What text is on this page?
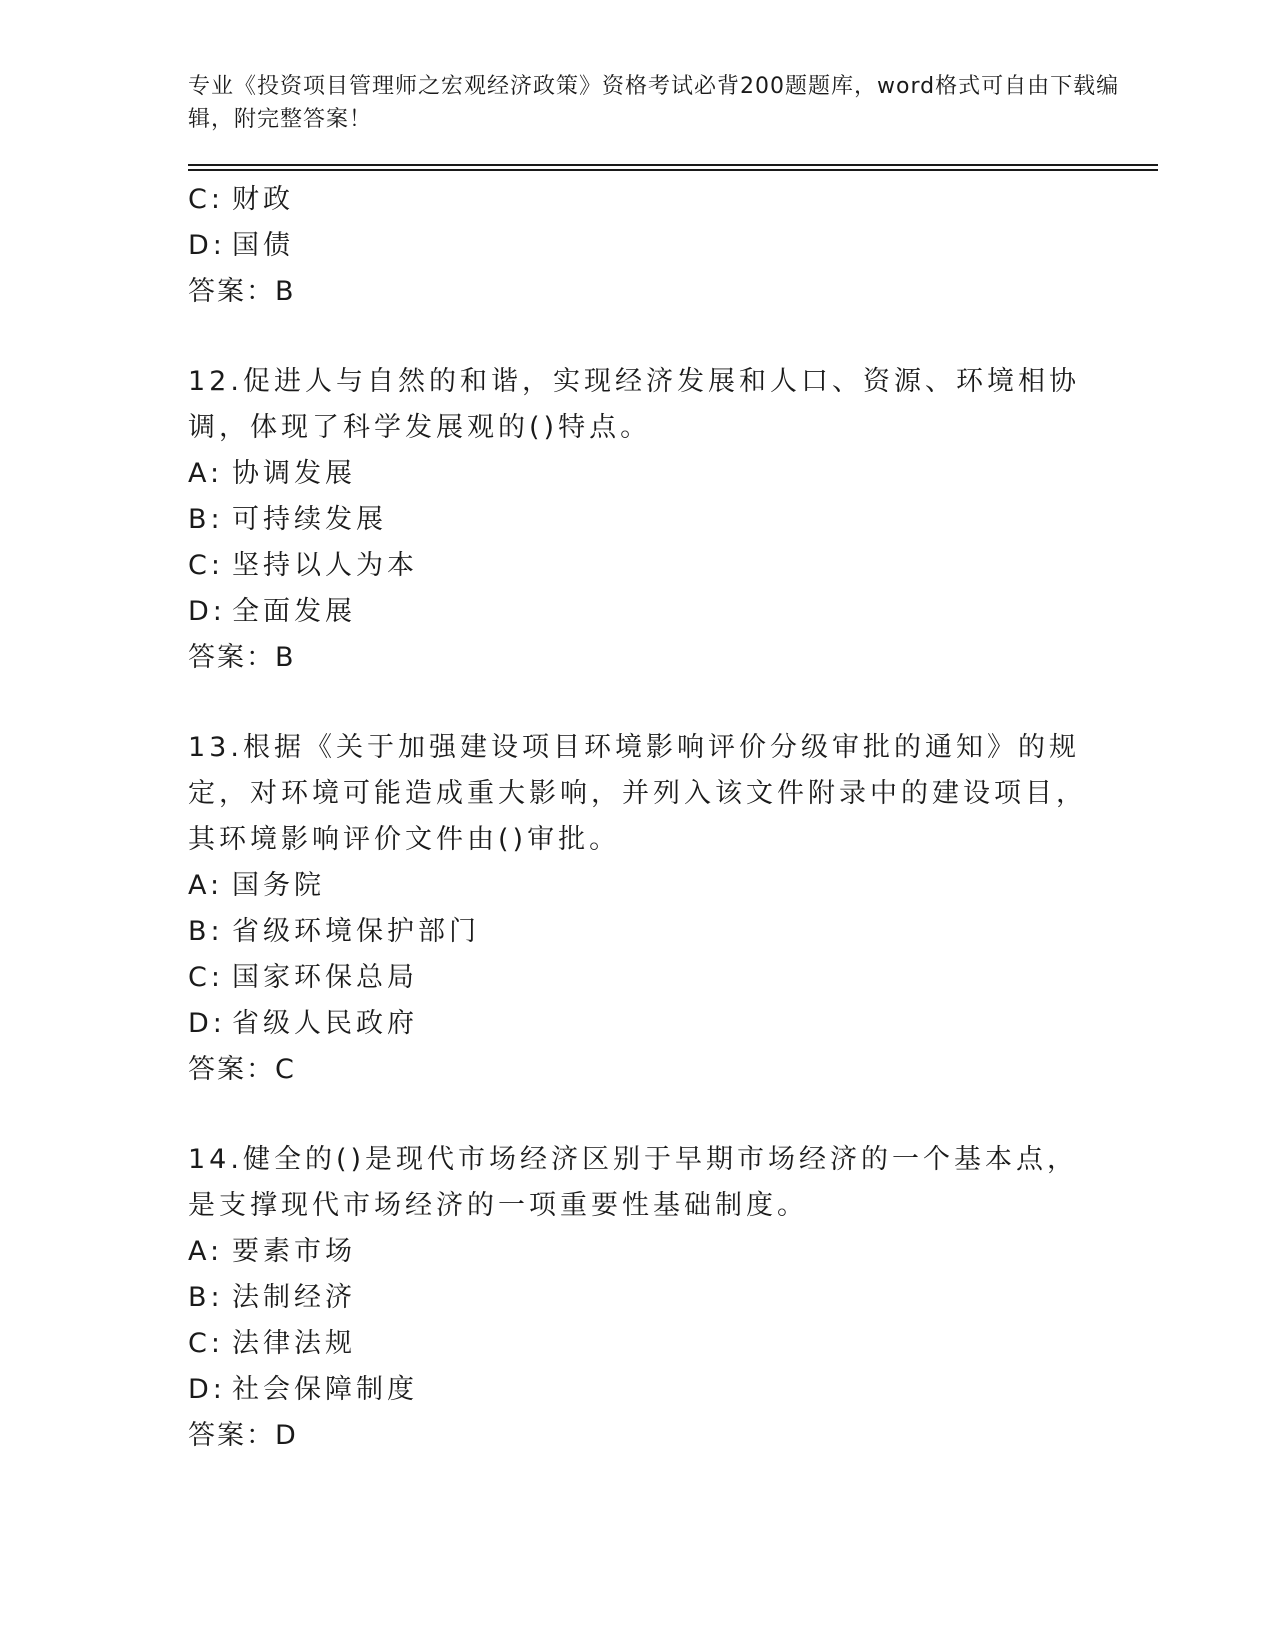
专业《投资项目管理师之宏观经济政策》资格考试必背200题题库，word格式可自由下载编辑，附完整答案！
C: 财政
D: 国债
答案：B
12.促进人与自然的和谐，实现经济发展和人口、资源、环境相协调，体现了科学发展观的()特点。
A: 协调发展
B: 可持续发展
C: 坚持以人为本
D: 全面发展
答案：B
13.根据《关于加强建设项目环境影响评价分级审批的通知》的规定，对环境可能造成重大影响，并列入该文件附录中的建设项目，其环境影响评价文件由()审批。
A: 国务院
B: 省级环境保护部门
C: 国家环保总局
D: 省级人民政府
答案：C
14.健全的()是现代市场经济区别于早期市场经济的一个基本点，是支撑现代市场经济的一项重要性基础制度。
A: 要素市场
B: 法制经济
C: 法律法规
D: 社会保障制度
答案：D
